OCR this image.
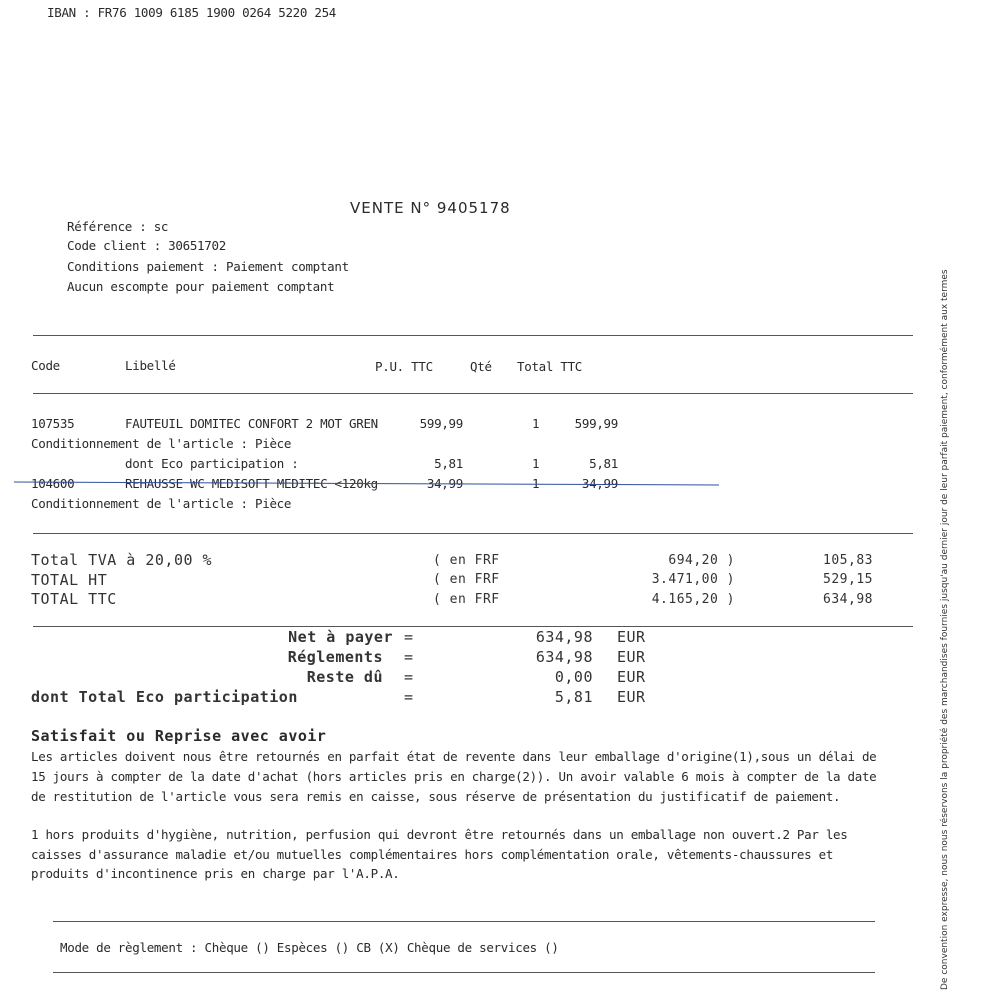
IBAN : FR76 1009 6185 1900 0264 5220 254
VENTE N° 9405178
Référence : sc
Code client : 30651702
Conditions paiement : Paiement comptant
Aucun escompte pour paiement comptant
Code	Libellé	P.U. TTC	Qté Total TTC
107535	FAUTEUIL DOMITEC CONFORT 2 MOT GREN	599,99	1	599,99
Conditionnement de l'article : Pièce
dont Eco participation :	5,81	1	5,81
104600	REHAUSSE WC MEDISOFT MEDITEC <120kg	34,99	1	34,99
Conditionnement de l'article : Pièce
Total TVA à 20,00 %	( en FRF	694,20 )	105,83
TOTAL HT	( en FRF	3.471,00 )	529,15
TOTAL TTC	( en FRF	4.165,20 )	634,98
Net à payer =	634,98 EUR
Réglements =	634,98 EUR
Reste dû =	0,00 EUR
dont Total Eco participation	=	5,81 EUR
Satisfait ou Reprise avec avoir
Les articles doivent nous être retournés en parfait état de revente dans leur emballage d'origine(1),sous un délai de
15 jours à compter de la date d'achat (hors articles pris en charge(2)). Un avoir valable 6 mois à compter de la date
de restitution de l'article vous sera remis en caisse, sous réserve de présentation du justificatif de paiement.
1 hors produits d'hygiène, nutrition, perfusion qui devront être retournés dans un emballage non ouvert.2 Par les
caisses d'assurance maladie et/ou mutuelles complémentaires hors complémentation orale, vêtements-chaussures et
produits d'incontinence pris en charge par l'A.P.A.
Mode de règlement : Chèque () Espèces () CB (X) Chèque de services ()	De convention expresse, nous nous réservons la propriété des marchandises fournies jusqu'au dernier jour de leur parfait paiement, conformément aux termes
